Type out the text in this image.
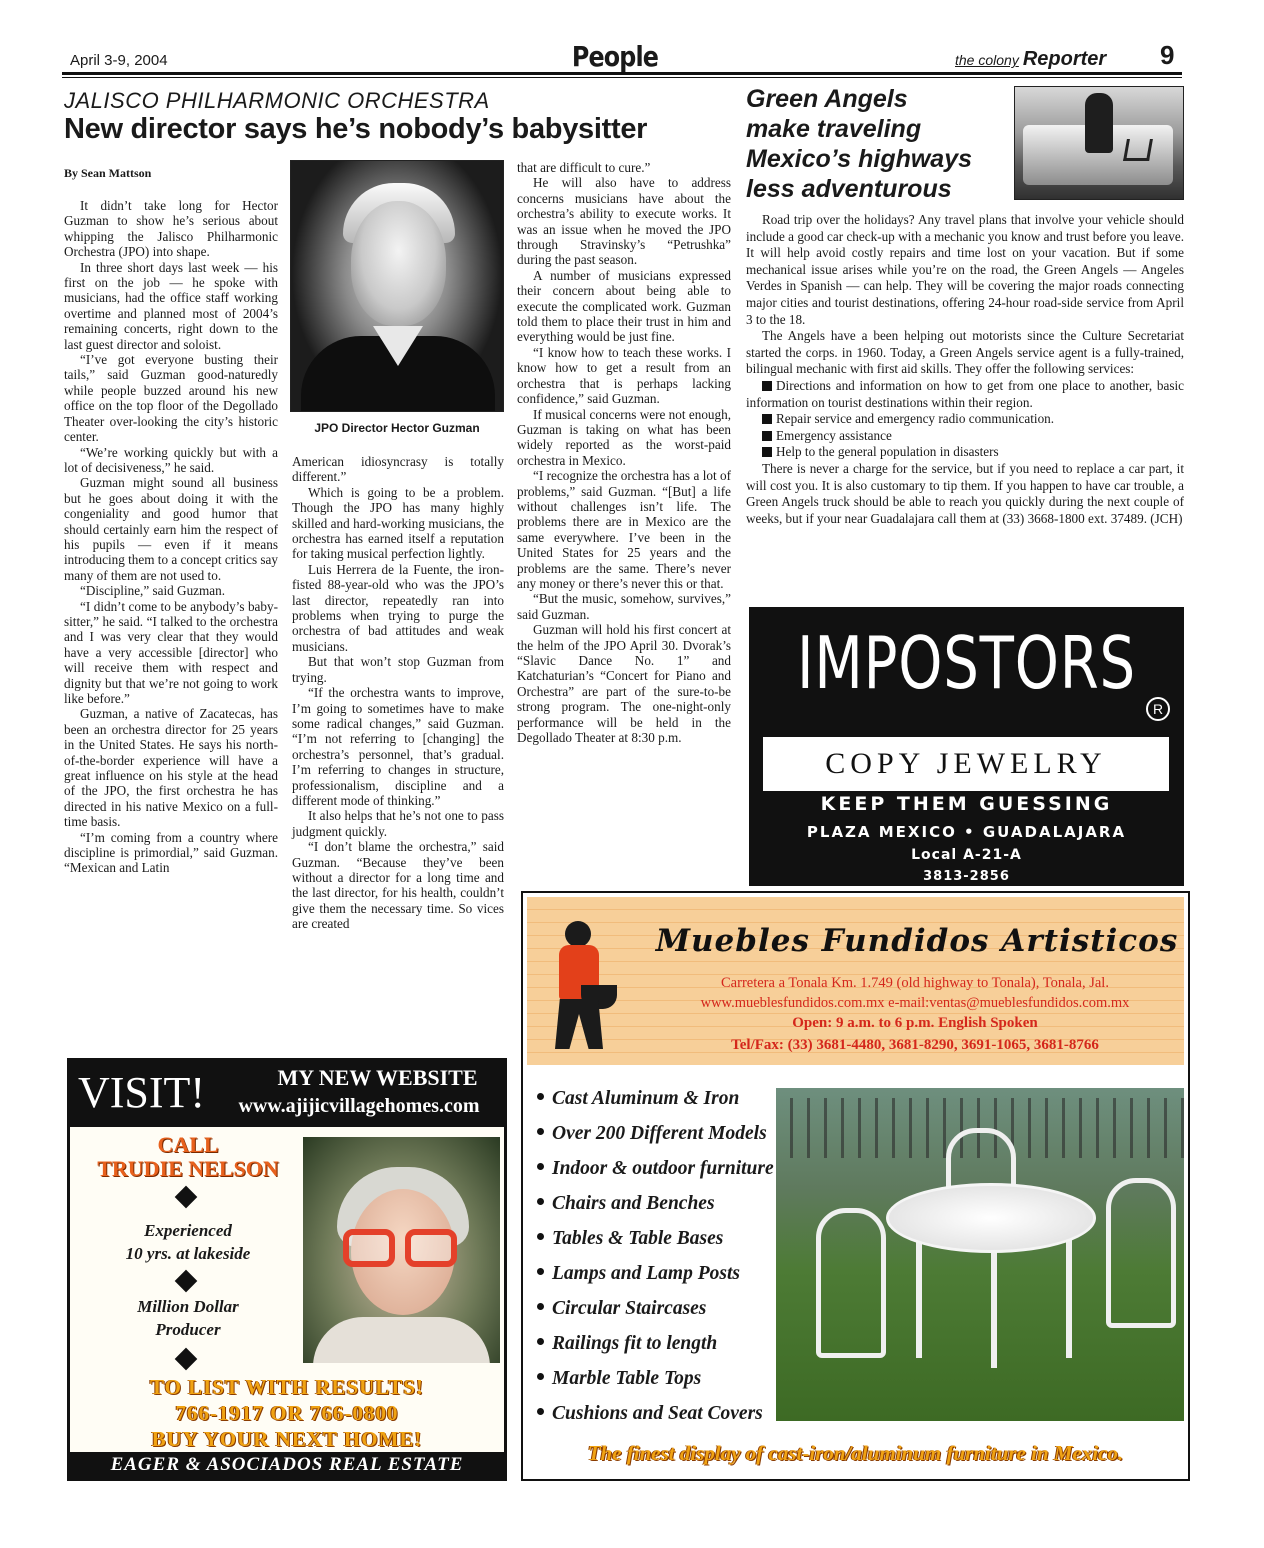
April 3-9, 2004	People	the colony Reporter 9
JALISCO PHILHARMONIC ORCHESTRA
New director says he’s nobody’s babysitter
By Sean Mattson

It didn’t take long for Hector Guzman to show he’s serious about whipping the Jalisco Philharmonic Orchestra (JPO) into shape.

In three short days last week — his first on the job — he spoke with musicians, had the office staff working overtime and planned most of 2004’s remaining concerts, right down to the last guest director and soloist.

“I’ve got everyone busting their tails,” said Guzman good-naturedly while people buzzed around his new office on the top floor of the Degollado Theater over-looking the city’s historic center.

“We’re working quickly but with a lot of decisiveness,” he said.

Guzman might sound all business but he goes about doing it with the congeniality and good humor that should certainly earn him the respect of his pupils — even if it means introducing them to a concept critics say many of them are not used to.

“Discipline,” said Guzman.

“I didn’t come to be anybody’s baby-sitter,” he said. “I talked to the orchestra and I was very clear that they would have a very accessible [director] who will receive them with respect and dignity but that we’re not going to work like before.”

Guzman, a native of Zacatecas, has been an orchestra director for 25 years in the United States. He says his north-of-the-border experience will have a great influence on his style at the head of the JPO, the first orchestra he has directed in his native Mexico on a full-time basis.

“I’m coming from a country where discipline is primordial,” said Guzman. “Mexican and Latin

JPO Director Hector Guzman

American idiosyncrasy is totally different.”

Which is going to be a problem. Though the JPO has many highly skilled and hard-working musicians, the orchestra has earned itself a reputation for taking musical perfection lightly.

Luis Herrera de la Fuente, the iron-fisted 88-year-old who was the JPO’s last director, repeatedly ran into problems when trying to purge the orchestra of bad attitudes and weak musicians.

But that won’t stop Guzman from trying.

“If the orchestra wants to improve, I’m going to sometimes have to make some radical changes,” said Guzman. “I’m not referring to [changing] the orchestra’s personnel, that’s gradual. I’m referring to changes in structure, professionalism, discipline and a different mode of thinking.”

It also helps that he’s not one to pass judgment quickly.

“I don’t blame the orchestra,” said Guzman. “Because they’ve been without a director for a long time and the last director, for his health, couldn’t give them the necessary time. So vices are created

that are difficult to cure.”

He will also have to address concerns musicians have about the orchestra’s ability to execute works. It was an issue when he moved the JPO through Stravinsky’s “Petrushka” during the past season.

A number of musicians expressed their concern about being able to execute the complicated work. Guzman told them to place their trust in him and everything would be just fine.

“I know how to teach these works. I know how to get a result from an orchestra that is perhaps lacking confidence,” said Guzman.

If musical concerns were not enough, Guzman is taking on what has been widely reported as the worst-paid orchestra in Mexico.

“I recognize the orchestra has a lot of problems,” said Guzman. “[But] a life without challenges isn’t life. The problems there are in Mexico are the same everywhere. I’ve been in the United States for 25 years and the problems are the same. There’s never any money or there’s never this or that.

“But the music, somehow, survives,” said Guzman.

Guzman will hold his first concert at the helm of the JPO April 30. Dvorak’s “Slavic Dance No. 1” and Katchaturian’s “Concert for Piano and Orchestra” are part of the sure-to-be strong program. The one-night-only performance will be held in the Degollado Theater at 8:30 p.m.

Green Angels
make traveling
Mexico’s highways
less adventurous

Road trip over the holidays? Any travel plans that involve your vehicle should include a good car check-up with a mechanic you know and trust before you leave. It will help avoid costly repairs and time lost on your vacation. But if some mechanical issue arises while you’re on the road, the Green Angels — Angeles Verdes in Spanish — can help. They will be covering the major roads connecting major cities and tourist destinations, offering 24-hour road-side service from April 3 to the 18.

The Angels have a been helping out motorists since the Culture Secretariat started the corps. in 1960. Today, a Green Angels service agent is a fully-trained, bilingual mechanic with first aid skills. They offer the following services:

Directions and information on how to get from one place to another, basic information on tourist destinations within their region.

Repair service and emergency radio communication.

Emergency assistance

Help to the general population in disasters

There is never a charge for the service, but if you need to replace a car part, it will cost you. It is also customary to tip them. If you happen to have car trouble, a Green Angels truck should be able to reach you quickly during the next couple of weeks, but if your near Guadalajara call them at (33) 3668-1800 ext. 37489. (JCH)

IMPOSTORS
R
COPY JEWELRY
KEEP THEM GUESSING
PLAZA MEXICO • GUADALAJARA
Local A-21-A
3813-2856
VISIT!	MY NEW WEBSITE
www.ajijicvillagehomes.com
CALL
TRUDIE NELSON
Experienced
10 yrs. at lakeside
Million Dollar
Producer
TO LIST WITH RESULTS!
766-1917 OR 766-0800
BUY YOUR NEXT HOME!
EAGER & ASOCIADOS REAL ESTATE
Muebles Fundidos Artisticos
Carretera a Tonala Km. 1.749 (old highway to Tonala), Tonala, Jal.
www.mueblesfundidos.com.mx e-mail:ventas@mueblesfundidos.com.mx
Open: 9 a.m. to 6 p.m. English Spoken
Tel/Fax: (33) 3681-4480, 3681-8290, 3691-1065, 3681-8766
Cast Aluminum & Iron
Over 200 Different Models
Indoor & outdoor furniture
Chairs and Benches
Tables & Table Bases
Lamps and Lamp Posts
Circular Staircases
Railings fit to length
Marble Table Tops
Cushions and Seat Covers
The finest display of cast-iron/aluminum furniture in Mexico.
